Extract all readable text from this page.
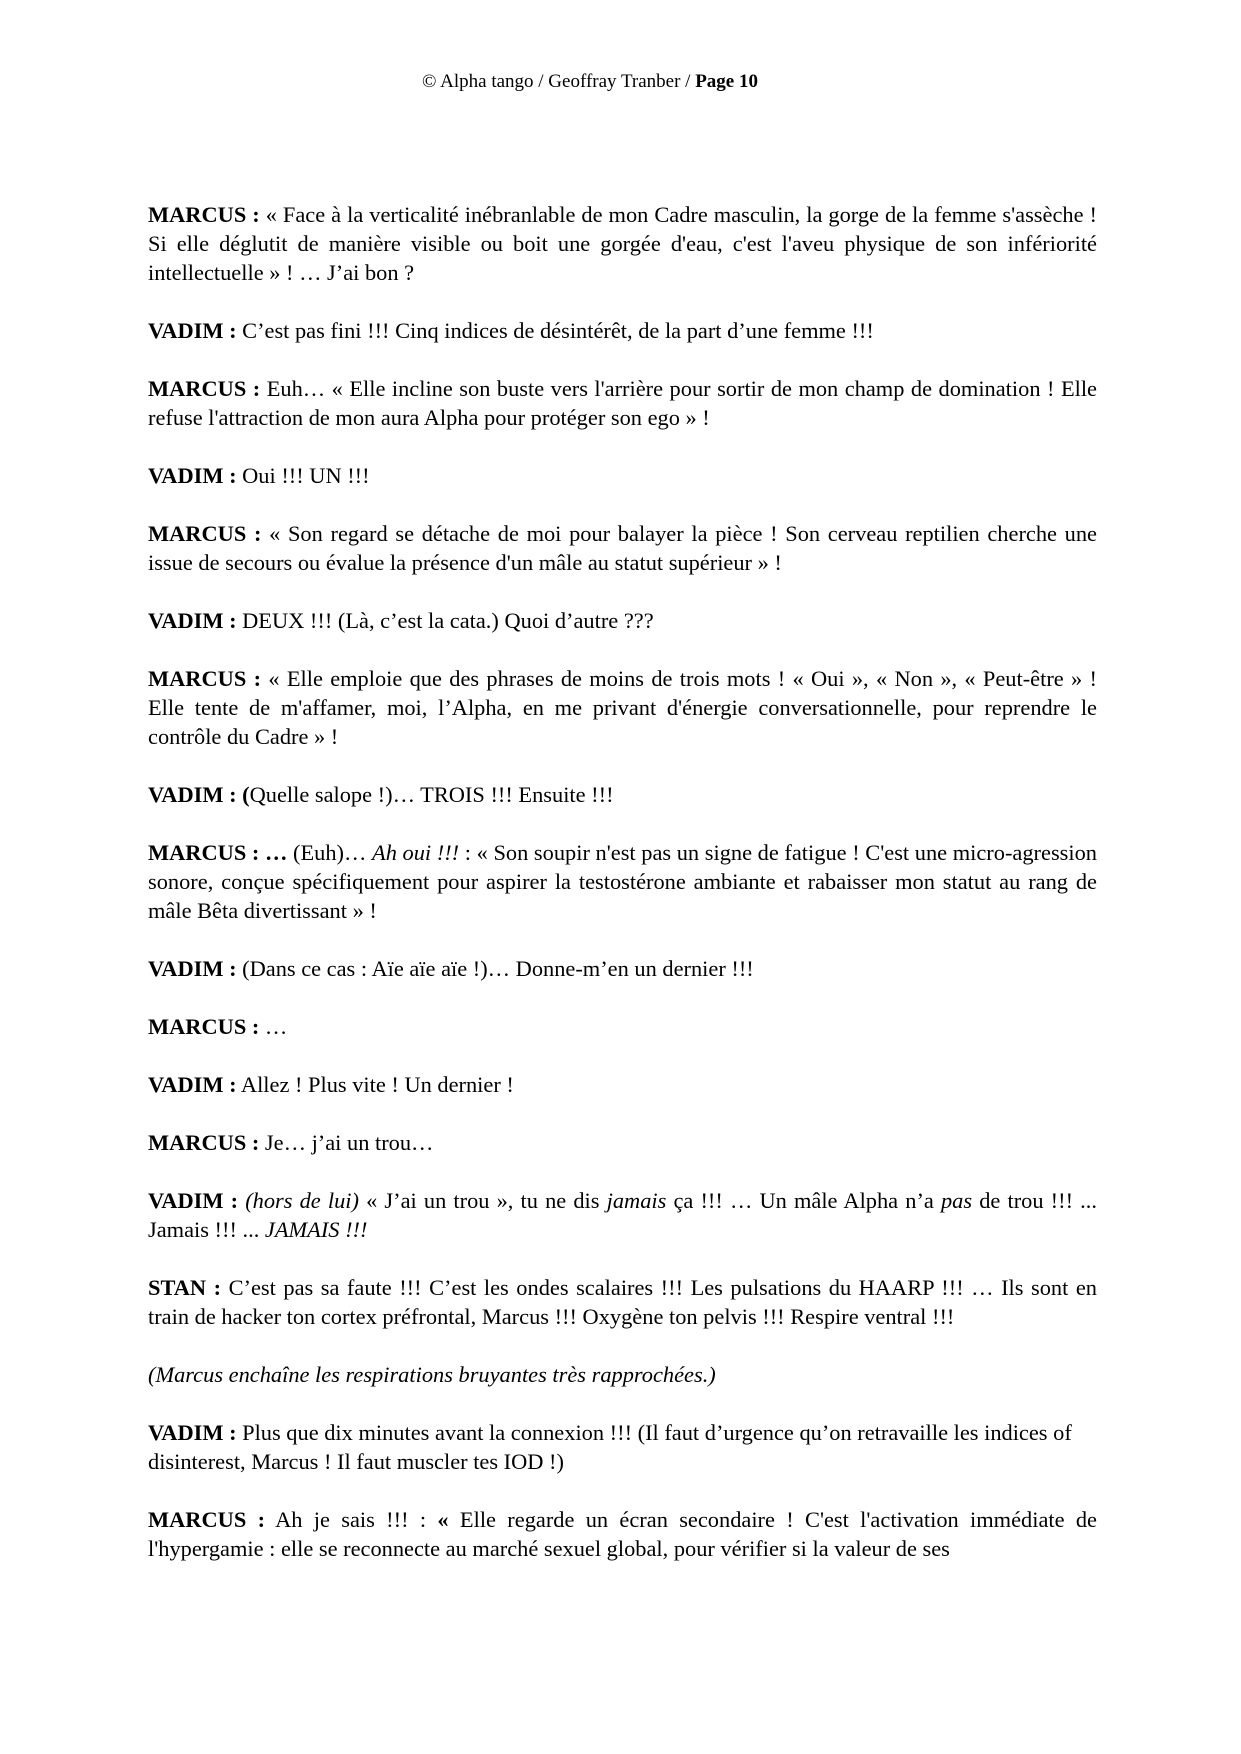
© Alpha tango / Geoffray Tranber / Page 10

MARCUS : « Face à la verticalité inébranlable de mon Cadre masculin, la gorge de la femme s'assèche ! Si elle déglutit de manière visible ou boit une gorgée d'eau, c'est l'aveu physique de son infériorité intellectuelle » ! … J’ai bon ?

VADIM : C’est pas fini !!! Cinq indices de désintérêt, de la part d’une femme !!!

MARCUS : Euh… « Elle incline son buste vers l'arrière pour sortir de mon champ de domination ! Elle refuse l'attraction de mon aura Alpha pour protéger son ego » !

VADIM : Oui !!! UN !!!

MARCUS : « Son regard se détache de moi pour balayer la pièce ! Son cerveau reptilien cherche une issue de secours ou évalue la présence d'un mâle au statut supérieur » !

VADIM : DEUX !!! (Là, c’est la cata.) Quoi d’autre ???

MARCUS : « Elle emploie que des phrases de moins de trois mots ! « Oui », « Non », « Peut-être » ! Elle tente de m'affamer, moi, l’Alpha, en me privant d'énergie conversationnelle, pour reprendre le contrôle du Cadre » !

VADIM : (Quelle salope !)… TROIS !!! Ensuite !!!

MARCUS : … (Euh)… Ah oui !!! : « Son soupir n'est pas un signe de fatigue ! C'est une micro-agression sonore, conçue spécifiquement pour aspirer la testostérone ambiante et rabaisser mon statut au rang de mâle Bêta divertissant » !

VADIM : (Dans ce cas : Aïe aïe aïe !)… Donne-m’en un dernier !!!

MARCUS : …

VADIM : Allez ! Plus vite ! Un dernier !

MARCUS : Je… j’ai un trou…

VADIM : (hors de lui) « J’ai un trou », tu ne dis jamais ça !!! … Un mâle Alpha n’a pas de trou !!! ... Jamais !!! ... JAMAIS !!!

STAN : C’est pas sa faute !!! C’est les ondes scalaires !!! Les pulsations du HAARP !!! … Ils sont en train de hacker ton cortex préfrontal, Marcus !!! Oxygène ton pelvis !!! Respire ventral !!!

(Marcus enchaîne les respirations bruyantes très rapprochées.)

VADIM : Plus que dix minutes avant la connexion !!! (Il faut d’urgence qu’on retravaille les indices of disinterest, Marcus ! Il faut muscler tes IOD !)

MARCUS : Ah je sais !!! : « Elle regarde un écran secondaire ! C'est l'activation immédiate de l'hypergamie : elle se reconnecte au marché sexuel global, pour vérifier si la valeur de ses
